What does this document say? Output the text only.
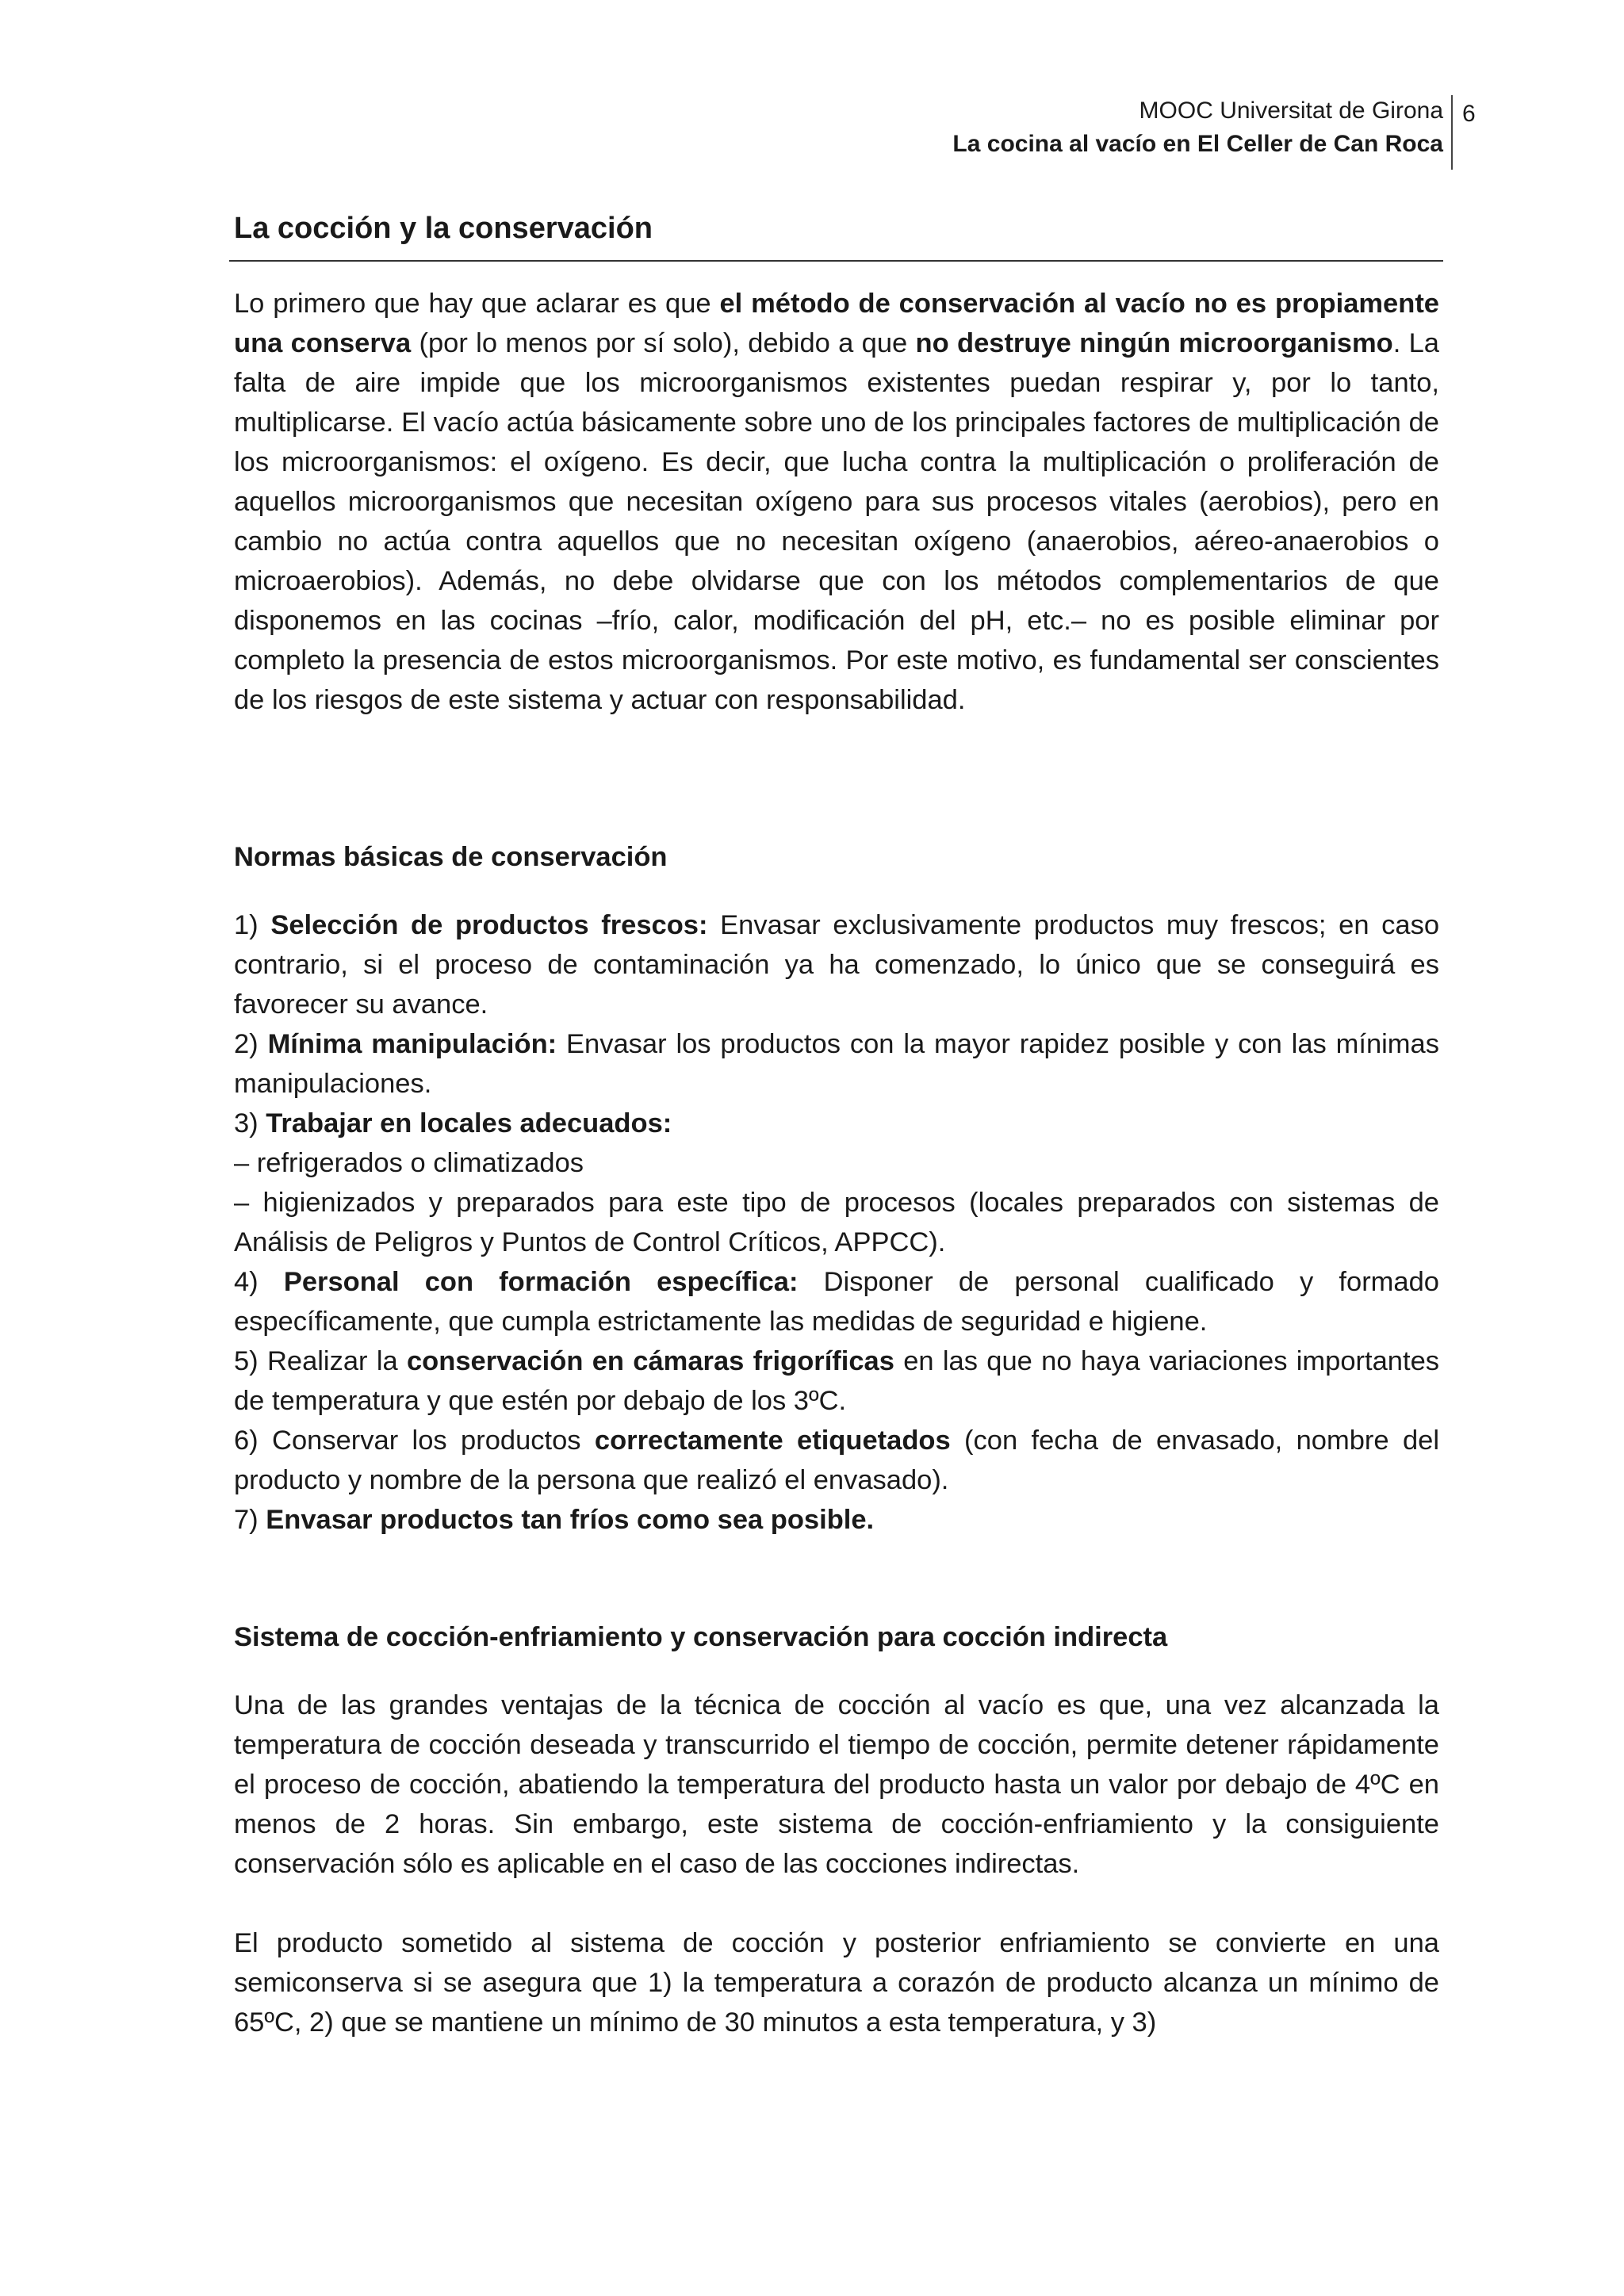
MOOC Universitat de Girona
La cocina al vacío en El Celler de Can Roca
6
La cocción y la conservación

Lo primero que hay que aclarar es que el método de conservación al vacío no es propiamente una conserva (por lo menos por sí solo), debido a que no destruye ningún microorganismo. La falta de aire impide que los microorganismos existentes puedan respirar y, por lo tanto, multiplicarse. El vacío actúa básicamente sobre uno de los principales factores de multiplicación de los microorganismos: el oxígeno. Es decir, que lucha contra la multiplicación o proliferación de aquellos microorganismos que necesitan oxígeno para sus procesos vitales (aerobios), pero en cambio no actúa contra aquellos que no necesitan oxígeno (anaerobios, aéreo-anaerobios o microaerobios). Además, no debe olvidarse que con los métodos complementarios de que disponemos en las cocinas –frío, calor, modificación del pH, etc.– no es posible eliminar por completo la presencia de estos microorganismos. Por este motivo, es fundamental ser conscientes de los riesgos de este sistema y actuar con responsabilidad.

Normas básicas de conservación

1) Selección de productos frescos: Envasar exclusivamente productos muy frescos; en caso contrario, si el proceso de contaminación ya ha comenzado, lo único que se conseguirá es favorecer su avance.

2) Mínima manipulación: Envasar los productos con la mayor rapidez posible y con las mínimas manipulaciones.

3) Trabajar en locales adecuados:

– refrigerados o climatizados

– higienizados y preparados para este tipo de procesos (locales preparados con sistemas de Análisis de Peligros y Puntos de Control Críticos, APPCC).

4) Personal con formación específica: Disponer de personal cualificado y formado específicamente, que cumpla estrictamente las medidas de seguridad e higiene.

5) Realizar la conservación en cámaras frigoríficas en las que no haya variaciones importantes de temperatura y que estén por debajo de los 3ºC.

6) Conservar los productos correctamente etiquetados (con fecha de envasado, nombre del producto y nombre de la persona que realizó el envasado).

7) Envasar productos tan fríos como sea posible.

Sistema de cocción-enfriamiento y conservación para cocción indirecta

Una de las grandes ventajas de la técnica de cocción al vacío es que, una vez alcanzada la temperatura de cocción deseada y transcurrido el tiempo de cocción, permite detener rápidamente el proceso de cocción, abatiendo la temperatura del producto hasta un valor por debajo de 4ºC en menos de 2 horas. Sin embargo, este sistema de cocción-enfriamiento y la consiguiente conservación sólo es aplicable en el caso de las cocciones indirectas.

El producto sometido al sistema de cocción y posterior enfriamiento se convierte en una semiconserva si se asegura que 1) la temperatura a corazón de producto alcanza un mínimo de 65ºC, 2) que se mantiene un mínimo de 30 minutos a esta temperatura, y 3)
